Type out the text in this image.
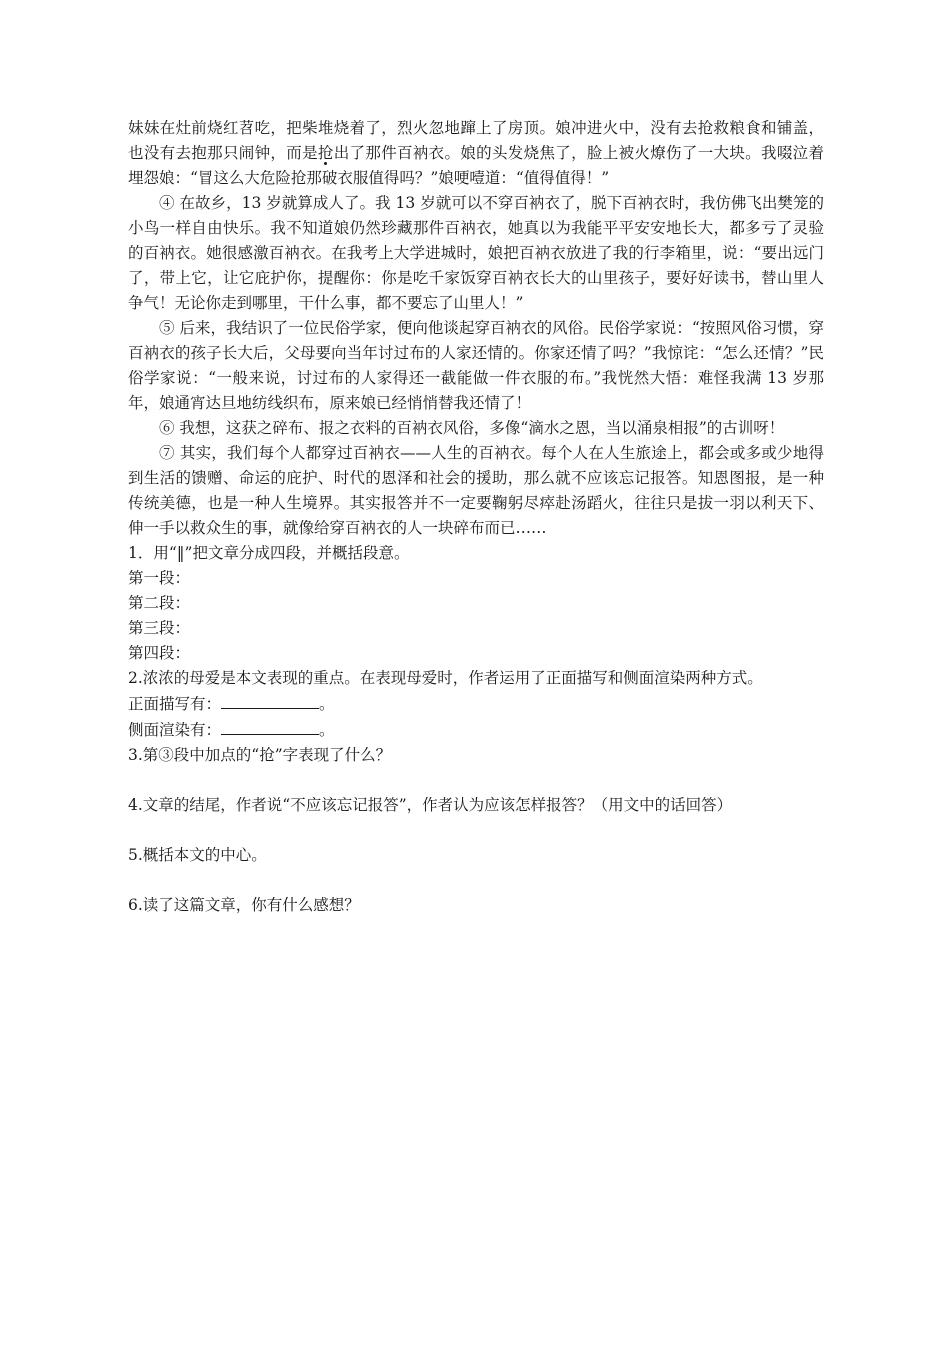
妹妹在灶前烧红苕吃，把柴堆烧着了，烈火忽地蹿上了房顶。娘冲进火中，没有去抢救粮食和铺盖，也没有去抱那只闹钟，而是抢出了那件百衲衣。娘的头发烧焦了，脸上被火燎伤了一大块。我啜泣着埋怨娘：“冒这么大危险抢那破衣服值得吗？”娘哽噎道：“值得值得！”

④ 在故乡，13 岁就算成人了。我 13 岁就可以不穿百衲衣了，脱下百衲衣时，我仿佛飞出樊笼的小鸟一样自由快乐。我不知道娘仍然珍藏那件百衲衣，她真以为我能平平安安地长大，都多亏了灵验的百衲衣。她很感激百衲衣。在我考上大学进城时，娘把百衲衣放进了我的行李箱里，说：“要出远门了，带上它，让它庇护你，提醒你：你是吃千家饭穿百衲衣长大的山里孩子，要好好读书，替山里人争气！无论你走到哪里，干什么事，都不要忘了山里人！”

⑤ 后来，我结识了一位民俗学家，便向他谈起穿百衲衣的风俗。民俗学家说：“按照风俗习惯，穿百衲衣的孩子长大后，父母要向当年讨过布的人家还情的。你家还情了吗？”我惊诧：“怎么还情？”民俗学家说：“一般来说，讨过布的人家得还一截能做一件衣服的布。”我恍然大悟：难怪我满 13 岁那年，娘通宵达旦地纺线织布，原来娘已经悄悄替我还情了！

⑥ 我想，这获之碎布、报之衣料的百衲衣风俗，多像“滴水之恩，当以涌泉相报”的古训呀！

⑦ 其实，我们每个人都穿过百衲衣——人生的百衲衣。每个人在人生旅途上，都会或多或少地得到生活的馈赠、命运的庇护、时代的恩泽和社会的援助，那么就不应该忘记报答。知恩图报，是一种传统美德，也是一种人生境界。其实报答并不一定要鞠躬尽瘁赴汤蹈火，往往只是拔一羽以利天下、伸一手以救众生的事，就像给穿百衲衣的人一块碎布而已……

1．用“‖”把文章分成四段，并概括段意。

第一段：

第二段：

第三段：

第四段：

2.浓浓的母爱是本文表现的重点。在表现母爱时，作者运用了正面描写和侧面渲染两种方式。

正面描写有：	。

侧面渲染有：	。

3.第③段中加点的“抢”字表现了什么？

4.文章的结尾，作者说“不应该忘记报答”，作者认为应该怎样报答？（用文中的话回答）

5.概括本文的中心。

6.读了这篇文章，你有什么感想？
